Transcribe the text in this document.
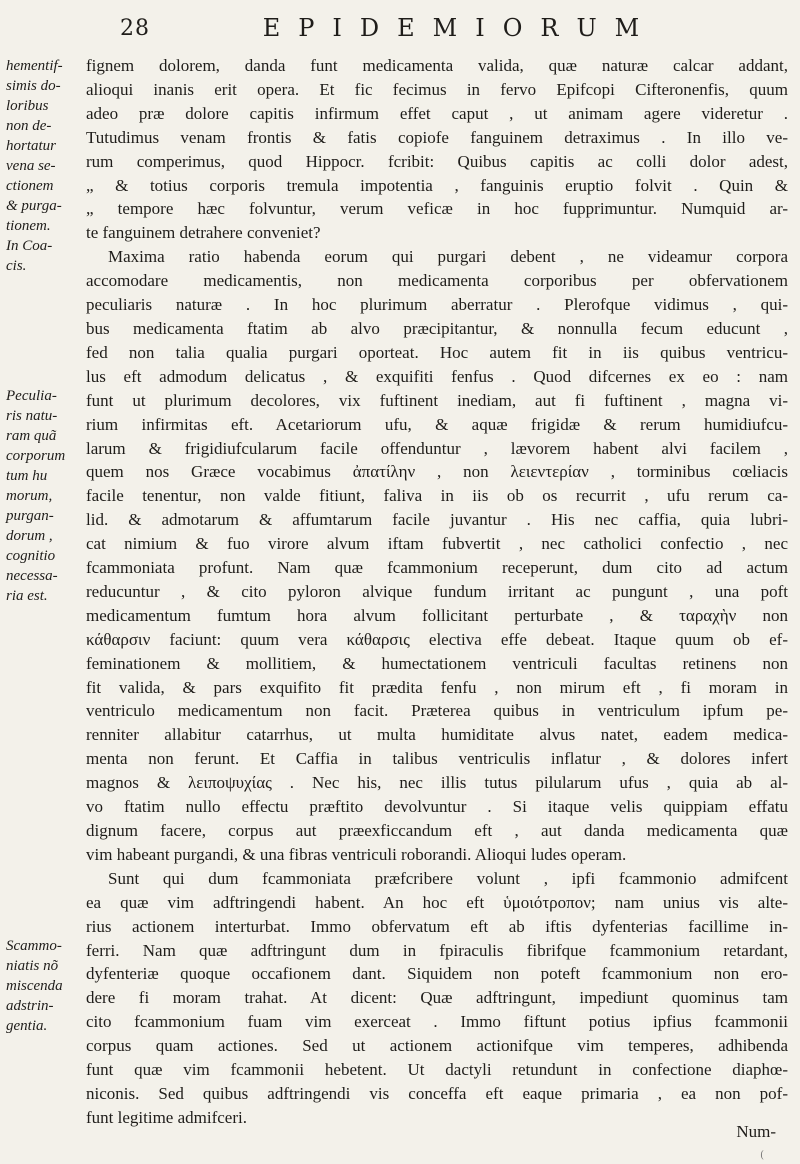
28	EPIDEMIORUM
hementif-
simis do-
loribus
non de-
hortatur
vena se-
ctionem
& purga-
tionem.
In Coa-
cis.
Peculia-
ris natu-
ram quã
corporum
tum hu
morum,
purgan-
dorum ,
cognitio
necessa-
ria est.
Scammo-
niatis nõ
miscenda
adstrin-
gentia.

fignem dolorem, danda funt medicamenta valida, quæ naturæ calcar addant,
alioqui inanis erit opera. Et fic fecimus in fervo Epifcopi Cifteronenfis, quum
adeo præ dolore capitis infirmum effet caput , ut animam agere videretur .
Tutudimus venam frontis & fatis copiofe fanguinem detraximus . In illo ve-
rum comperimus, quod Hippocr. fcribit: Quibus capitis ac colli dolor adest,
„ & totius corporis tremula impotentia , fanguinis eruptio folvit . Quin &
„ tempore hæc folvuntur, verum veficæ in hoc fupprimuntur. Numquid ar-
te fanguinem detrahere conveniet?

Maxima ratio habenda eorum qui purgari debent , ne videamur corpora
accomodare medicamentis, non medicamenta corporibus per obfervationem
peculiaris naturæ . In hoc plurimum aberratur . Plerofque vidimus , qui-
bus medicamenta ftatim ab alvo præcipitantur, & nonnulla fecum educunt ,
fed non talia qualia purgari oporteat. Hoc autem fit in iis quibus ventricu-
lus eft admodum delicatus , & exquifiti fenfus . Quod difcernes ex eo : nam
funt ut plurimum decolores, vix fuftinent inediam, aut fi fuftinent , magna vi-
rium infirmitas eft. Acetariorum ufu, & aquæ frigidæ & rerum humidiufcu-
larum & frigidiufcularum facile offenduntur , lævorem habent alvi facilem ,
quem nos Græce vocabimus ἀπατίλην , non λειεντερίαν , torminibus cœliacis
facile tenentur, non valde fitiunt, faliva in iis ob os recurrit , ufu rerum ca-
lid. & admotarum & affumtarum facile juvantur . His nec caffia, quia lubri-
cat nimium & fuo virore alvum iftam fubvertit , nec catholici confectio , nec
fcammoniata profunt. Nam quæ fcammonium receperunt, dum cito ad actum
reducuntur , & cito pyloron alvique fundum irritant ac pungunt , una poft
medicamentum fumtum hora alvum follicitant perturbate , & ταραχὴν non
κάθαρσιν faciunt: quum vera κάθαρσις electiva effe debeat. Itaque quum ob ef-
feminationem & mollitiem, & humectationem ventriculi facultas retinens non
fit valida, & pars exquifito fit prædita fenfu , non mirum eft , fi moram in
ventriculo medicamentum non facit. Præterea quibus in ventriculum ipfum pe-
renniter allabitur catarrhus, ut multa humiditate alvus natet, eadem medica-
menta non ferunt. Et Caffia in talibus ventriculis inflatur , & dolores infert
magnos & λειποψυχίας . Nec his, nec illis tutus pilularum ufus , quia ab al-
vo ftatim nullo effectu præftito devolvuntur . Si itaque velis quippiam effatu
dignum facere, corpus aut præexficcandum eft , aut danda medicamenta quæ
vim habeant purgandi, & una fibras ventriculi roborandi. Alioqui ludes operam.

Sunt qui dum fcammoniata præfcribere volunt , ipfi fcammonio admifcent
ea quæ vim adftringendi habent. An hoc eft ὑμοιότροπον; nam unius vis alte-
rius actionem interturbat. Immo obfervatum eft ab iftis dyfenterias facillime in-
ferri. Nam quæ adftringunt dum in fpiraculis fibrifque fcammonium retardant,
dyfenteriæ quoque occafionem dant. Siquidem non poteft fcammonium non ero-
dere fi moram trahat. At dicent: Quæ adftringunt, impediunt quominus tam
cito fcammonium fuam vim exerceat . Immo fiftunt potius ipfius fcammonii
corpus quam actiones. Sed ut actionem actionifque vim temperes, adhibenda
funt quæ vim fcammonii hebetent. Ut dactyli retundunt in confectione diaphœ-
niconis. Sed quibus adftringendi vis conceffa eft eaque primaria , ea non pof-
funt legitime admifceri.

Num-
(
